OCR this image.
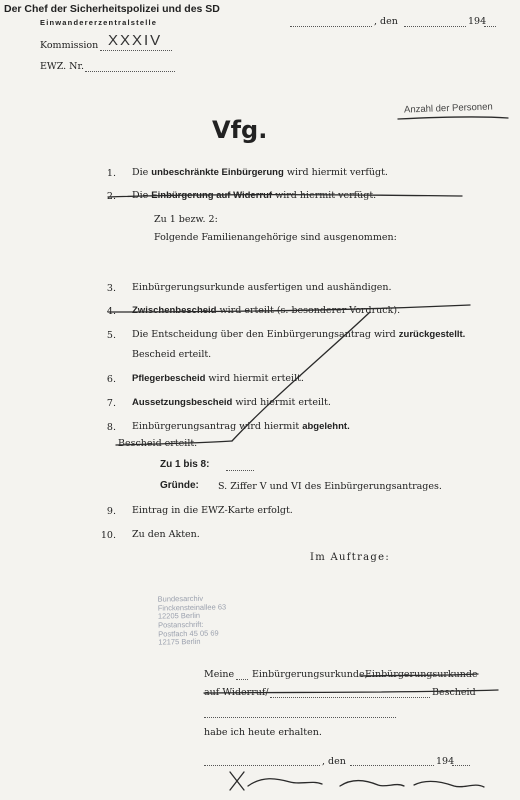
Der Chef der Sicherheitspolizei und des SD
Einwandererzentralstelle	, den	194
Kommission XXXIV
EWZ. Nr.
Anzahl der Personen
Vfg.
1. Die unbeschränkte Einbürgerung wird hiermit verfügt.
2. Die Einbürgerung auf Widerruf wird hiermit verfügt.
Zu 1 bezw. 2:
Folgende Familienangehörige sind ausgenommen:
3. Einbürgerungsurkunde ausfertigen und aushändigen.
4. Zwischenbescheid wird erteilt (s. besonderer Vordruck).
5. Die Entscheidung über den Einbürgerungsantrag wird zurückgestellt.
Bescheid erteilt.
6. Pflegerbescheid wird hiermit erteilt.
7. Aussetzungsbescheid wird hiermit erteilt.
8. Einbürgerungsantrag wird hiermit abgelehnt.
Bescheid erteilt.
Zu 1 bis 8:
Gründe: S. Ziffer V und VI des Einbürgerungsantrages.
9. Eintrag in die EWZ-Karte erfolgt.
10. Zu den Akten.
Im Auftrage:
Bundesarchiv
Finckensteinallee 63
12205 Berlin
Postanschrift:
Postfach 45 05 69
12175 Berlin
Meine Einbürgerungsurkunde,
Einbürgerungsurkunde
auf Widerruf/	Bescheid
habe ich heute erhalten.
, den	194
